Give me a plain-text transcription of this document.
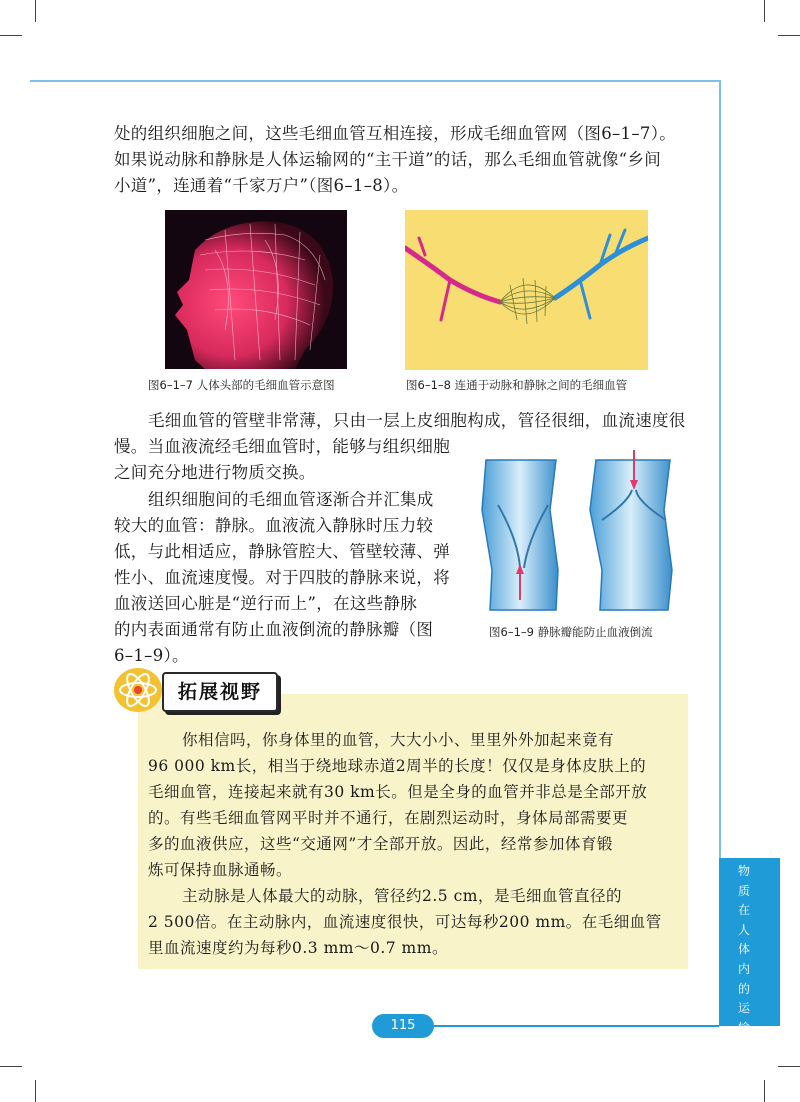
处的组织细胞之间，这些毛细血管互相连接，形成毛细血管网（图6–1–7）。

如果说动脉和静脉是人体运输网的“主干道”的话，那么毛细血管就像“乡间

小道”，连通着“千家万户”（图6–1–8）。

图6–1–7 人体头部的毛细血管示意图	图6–1–8 连通于动脉和静脉之间的毛细血管

毛细血管的管壁非常薄，只由一层上皮细胞构成，管径很细，血流速度很

慢。当血液流经毛细血管时，能够与组织细胞

之间充分地进行物质交换。

组织细胞间的毛细血管逐渐合并汇集成

较大的血管：静脉。血液流入静脉时压力较

低，与此相适应，静脉管腔大、管壁较薄、弹

性小、血流速度慢。对于四肢的静脉来说，将

血液送回心脏是“逆行而上”，在这些静脉

的内表面通常有防止血液倒流的静脉瓣（图

6–1–9）。

图6–1–9 静脉瓣能防止血液倒流
拓展视野

你相信吗，你身体里的血管，大大小小、里里外外加起来竟有

96 000 km长，相当于绕地球赤道2周半的长度！仅仅是身体皮肤上的

毛细血管，连接起来就有30 km长。但是全身的血管并非总是全部开放

的。有些毛细血管网平时并不通行，在剧烈运动时，身体局部需要更

多的血液供应，这些“交通网”才全部开放。因此，经常参加体育锻

炼可保持血脉通畅。

主动脉是人体最大的动脉，管径约2.5 cm，是毛细血管直径的

2 500倍。在主动脉内，血流速度很快，可达每秒200 mm。在毛细血管

里血流速度约为每秒0.3 mm～0.7 mm。

物
质
在
人
体
内
的
运
输
115
